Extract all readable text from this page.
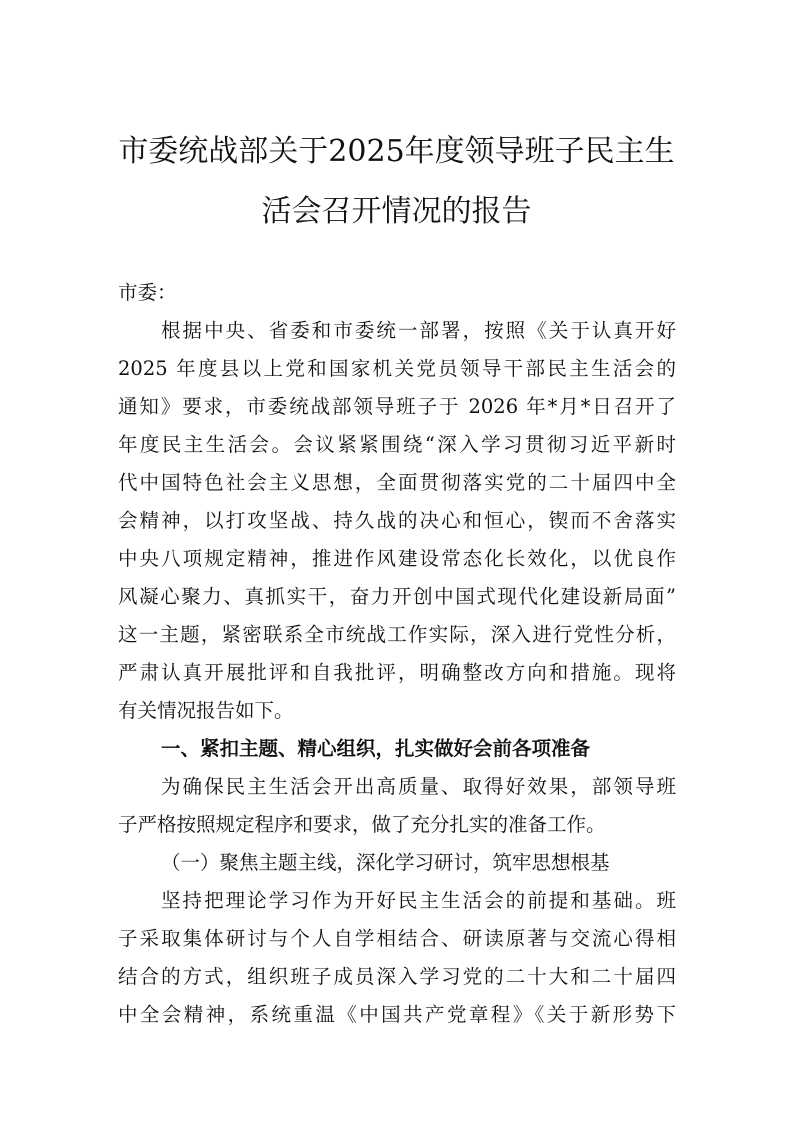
市委统战部关于2025年度领导班子民主生
活会召开情况的报告
市委：
根据中央、省委和市委统一部署，按照《关于认真开好
2025 年度县以上党和国家机关党员领导干部民主生活会的
通知》要求，市委统战部领导班子于 2026 年*月*日召开了
年度民主生活会。会议紧紧围绕“深入学习贯彻习近平新时
代中国特色社会主义思想，全面贯彻落实党的二十届四中全
会精神，以打攻坚战、持久战的决心和恒心，锲而不舍落实
中央八项规定精神，推进作风建设常态化长效化，以优良作
风凝心聚力、真抓实干，奋力开创中国式现代化建设新局面”
这一主题，紧密联系全市统战工作实际，深入进行党性分析，
严肃认真开展批评和自我批评，明确整改方向和措施。现将
有关情况报告如下。
一、紧扣主题、精心组织，扎实做好会前各项准备
为确保民主生活会开出高质量、取得好效果，部领导班
子严格按照规定程序和要求，做了充分扎实的准备工作。
（一）聚焦主题主线，深化学习研讨，筑牢思想根基
坚持把理论学习作为开好民主生活会的前提和基础。班
子采取集体研讨与个人自学相结合、研读原著与交流心得相
结合的方式，组织班子成员深入学习党的二十大和二十届四
中全会精神，系统重温《中国共产党章程》《关于新形势下
